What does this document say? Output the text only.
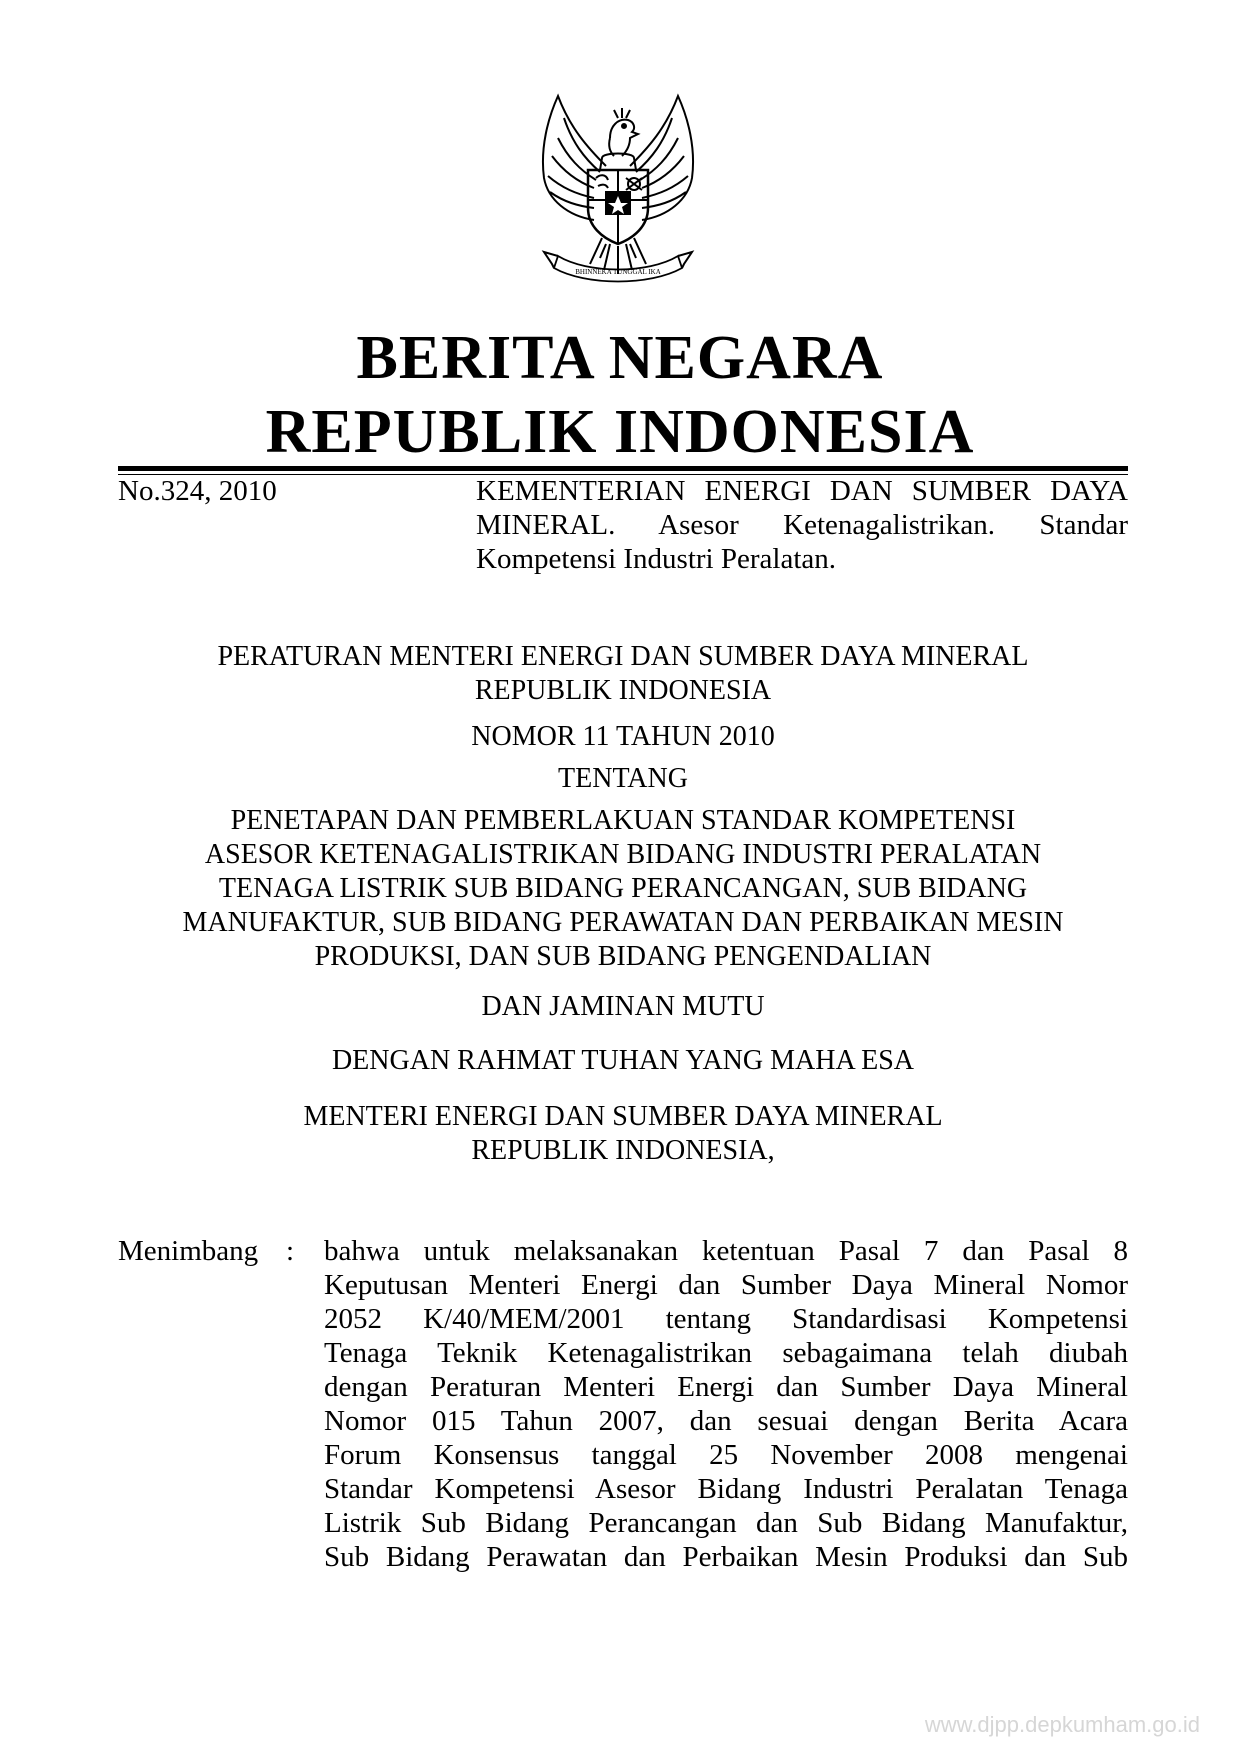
BHINNEKA TUNGGAL IKA
BERITA NEGARA
REPUBLIK INDONESIA
No.324, 2010	KEMENTERIAN ENERGI DAN SUMBER DAYA MINERAL. Asesor Ketenagalistrikan. Standar Kompetensi Industri Peralatan.
PERATURAN MENTERI ENERGI DAN SUMBER DAYA MINERAL
REPUBLIK INDONESIA
NOMOR 11 TAHUN 2010
TENTANG
PENETAPAN DAN PEMBERLAKUAN STANDAR KOMPETENSI
ASESOR KETENAGALISTRIKAN BIDANG INDUSTRI PERALATAN
TENAGA LISTRIK SUB BIDANG PERANCANGAN, SUB BIDANG
MANUFAKTUR, SUB BIDANG PERAWATAN DAN PERBAIKAN MESIN
PRODUKSI, DAN SUB BIDANG PENGENDALIAN
DAN JAMINAN MUTU
DENGAN RAHMAT TUHAN YANG MAHA ESA
MENTERI ENERGI DAN SUMBER DAYA MINERAL
REPUBLIK INDONESIA,
Menimbang : bahwa untuk melaksanakan ketentuan Pasal 7 dan Pasal 8
Keputusan Menteri Energi dan Sumber Daya Mineral Nomor
2052 K/40/MEM/2001 tentang Standardisasi Kompetensi
Tenaga Teknik Ketenagalistrikan sebagaimana telah diubah
dengan Peraturan Menteri Energi dan Sumber Daya Mineral
Nomor 015 Tahun 2007, dan sesuai dengan Berita Acara
Forum Konsensus tanggal 25 November 2008 mengenai
Standar Kompetensi Asesor Bidang Industri Peralatan Tenaga
Listrik Sub Bidang Perancangan dan Sub Bidang Manufaktur,
Sub Bidang Perawatan dan Perbaikan Mesin Produksi dan Sub
www.djpp.depkumham.go.id
